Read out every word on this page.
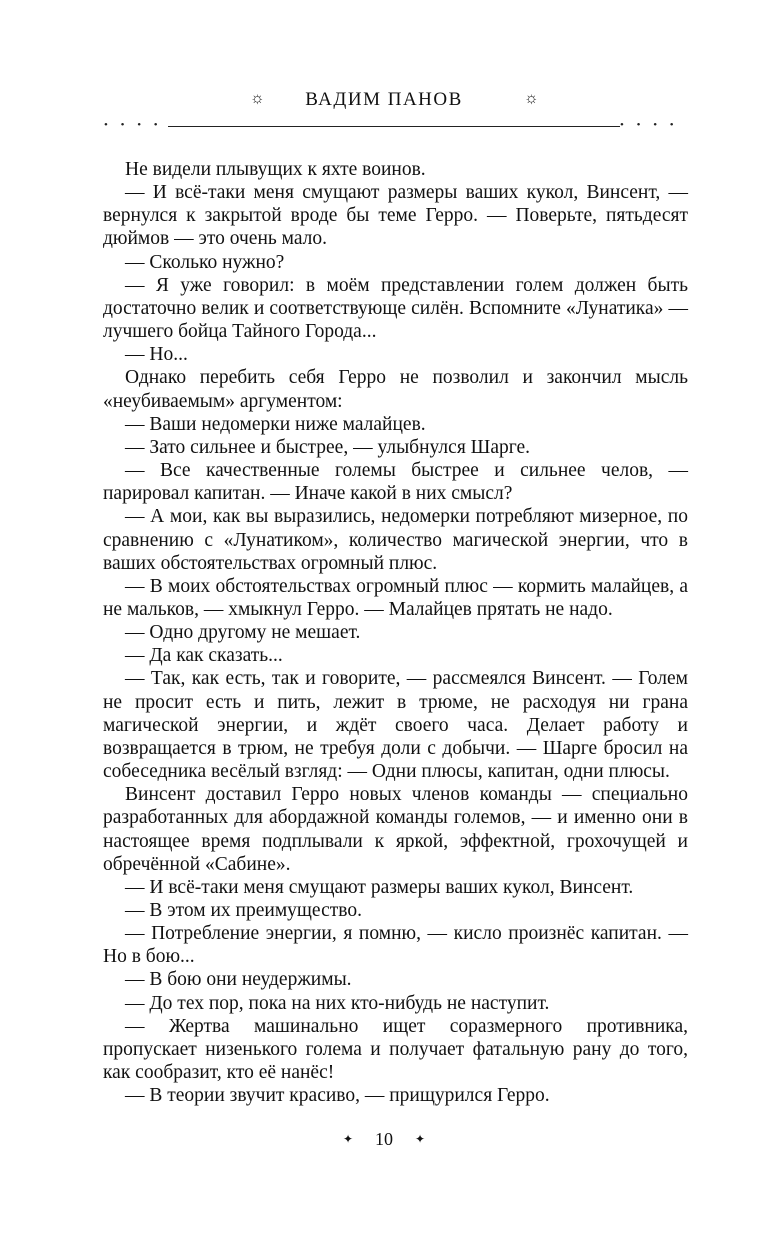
☼	ВАДИМ ПАНОВ	☼
• • • •	• • • •

Не видели плывущих к яхте воинов.

— И всё-таки меня смущают размеры ваших кукол, Винсент, — вернулся к закрытой вроде бы теме Герро. — Поверьте, пятьдесят дюймов — это очень мало.

— Сколько нужно?

— Я уже говорил: в моём представлении голем должен быть достаточно велик и соответствующе силён. Вспомните «Лунатика» — лучшего бойца Тайного Города...

— Но...

Однако перебить себя Герро не позволил и закончил мысль «неубиваемым» аргументом:

— Ваши недомерки ниже малайцев.

— Зато сильнее и быстрее, — улыбнулся Шарге.

— Все качественные големы быстрее и сильнее челов, — парировал капитан. — Иначе какой в них смысл?

— А мои, как вы выразились, недомерки потребляют мизерное, по сравнению с «Лунатиком», количество магической энергии, что в ваших обстоятельствах огромный плюс.

— В моих обстоятельствах огромный плюс — кормить малайцев, а не мальков, — хмыкнул Герро. — Малайцев прятать не надо.

— Одно другому не мешает.

— Да как сказать...

— Так, как есть, так и говорите, — рассмеялся Винсент. — Голем не просит есть и пить, лежит в трюме, не расходуя ни грана магической энергии, и ждёт своего часа. Делает работу и возвращается в трюм, не требуя доли с добычи. — Шарге бросил на собеседника весёлый взгляд: — Одни плюсы, капитан, одни плюсы.

Винсент доставил Герро новых членов команды — специально разработанных для абордажной команды големов, — и именно они в настоящее время подплывали к яркой, эффектной, грохочущей и обречённой «Сабине».

— И всё-таки меня смущают размеры ваших кукол, Винсент.

— В этом их преимущество.

— Потребление энергии, я помню, — кисло произнёс капитан. — Но в бою...

— В бою они неудержимы.

— До тех пор, пока на них кто-нибудь не наступит.

— Жертва машинально ищет соразмерного противника, пропускает низенького голема и получает фатальную рану до того, как сообразит, кто её нанёс!

— В теории звучит красиво, — прищурился Герро.

✦ 10 ✦
